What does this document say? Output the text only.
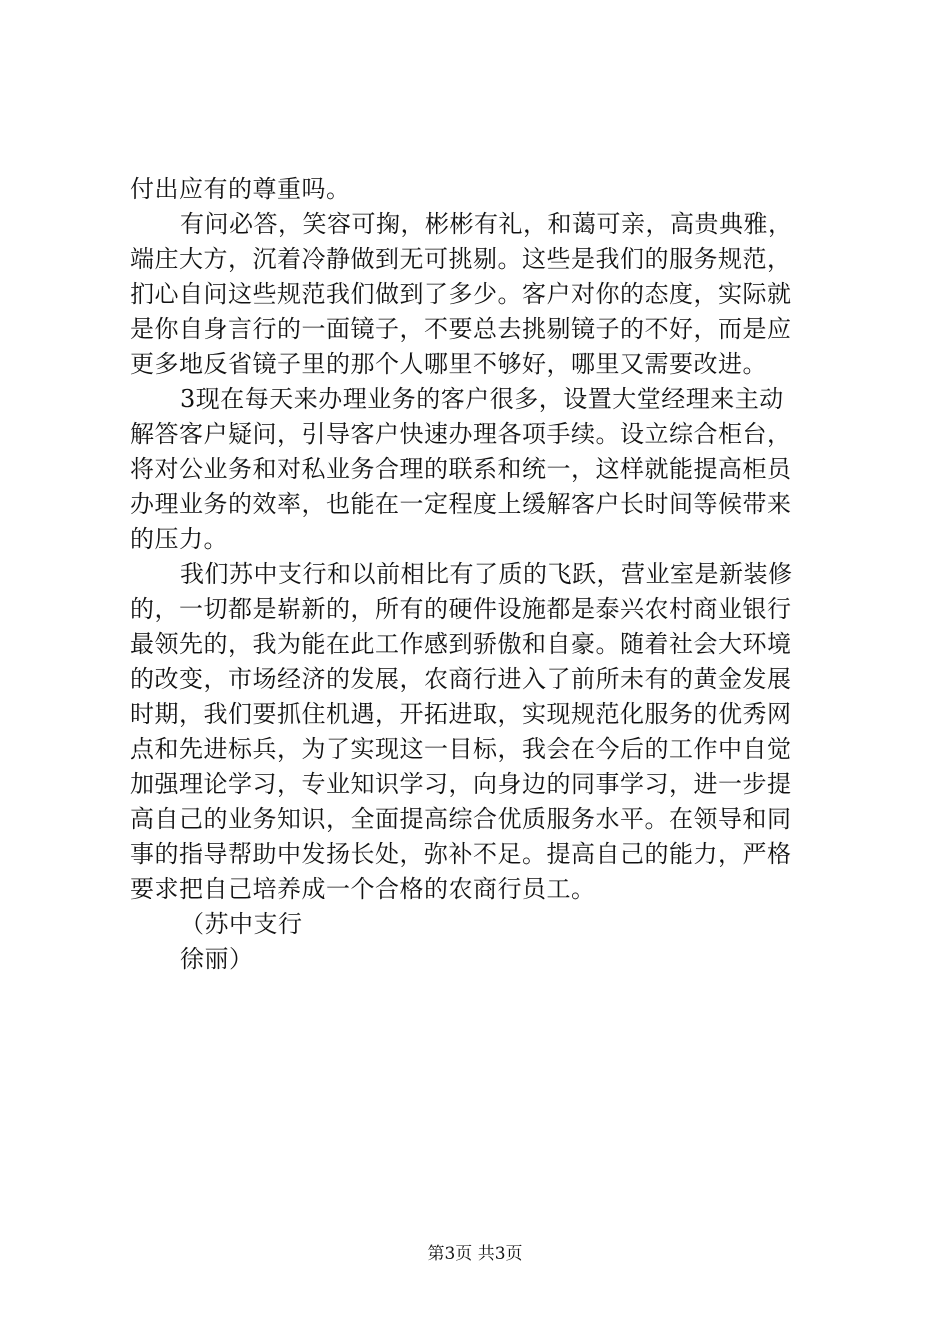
付出应有的尊重吗。
有问必答，笑容可掬，彬彬有礼，和蔼可亲，高贵典雅，
端庄大方，沉着冷静做到无可挑剔。这些是我们的服务规范，
扪心自问这些规范我们做到了多少。客户对你的态度，实际就
是你自身言行的一面镜子，不要总去挑剔镜子的不好，而是应
更多地反省镜子里的那个人哪里不够好，哪里又需要改进。
3现在每天来办理业务的客户很多，设置大堂经理来主动
解答客户疑问，引导客户快速办理各项手续。设立综合柜台，
将对公业务和对私业务合理的联系和统一，这样就能提高柜员
办理业务的效率，也能在一定程度上缓解客户长时间等候带来
的压力。
我们苏中支行和以前相比有了质的飞跃，营业室是新装修
的，一切都是崭新的，所有的硬件设施都是泰兴农村商业银行
最领先的，我为能在此工作感到骄傲和自豪。随着社会大环境
的改变，市场经济的发展，农商行进入了前所未有的黄金发展
时期，我们要抓住机遇，开拓进取，实现规范化服务的优秀网
点和先进标兵，为了实现这一目标，我会在今后的工作中自觉
加强理论学习，专业知识学习，向身边的同事学习，进一步提
高自己的业务知识，全面提高综合优质服务水平。在领导和同
事的指导帮助中发扬长处，弥补不足。提高自己的能力，严格
要求把自己培养成一个合格的农商行员工。
（苏中支行
徐丽）
第3页 共3页
